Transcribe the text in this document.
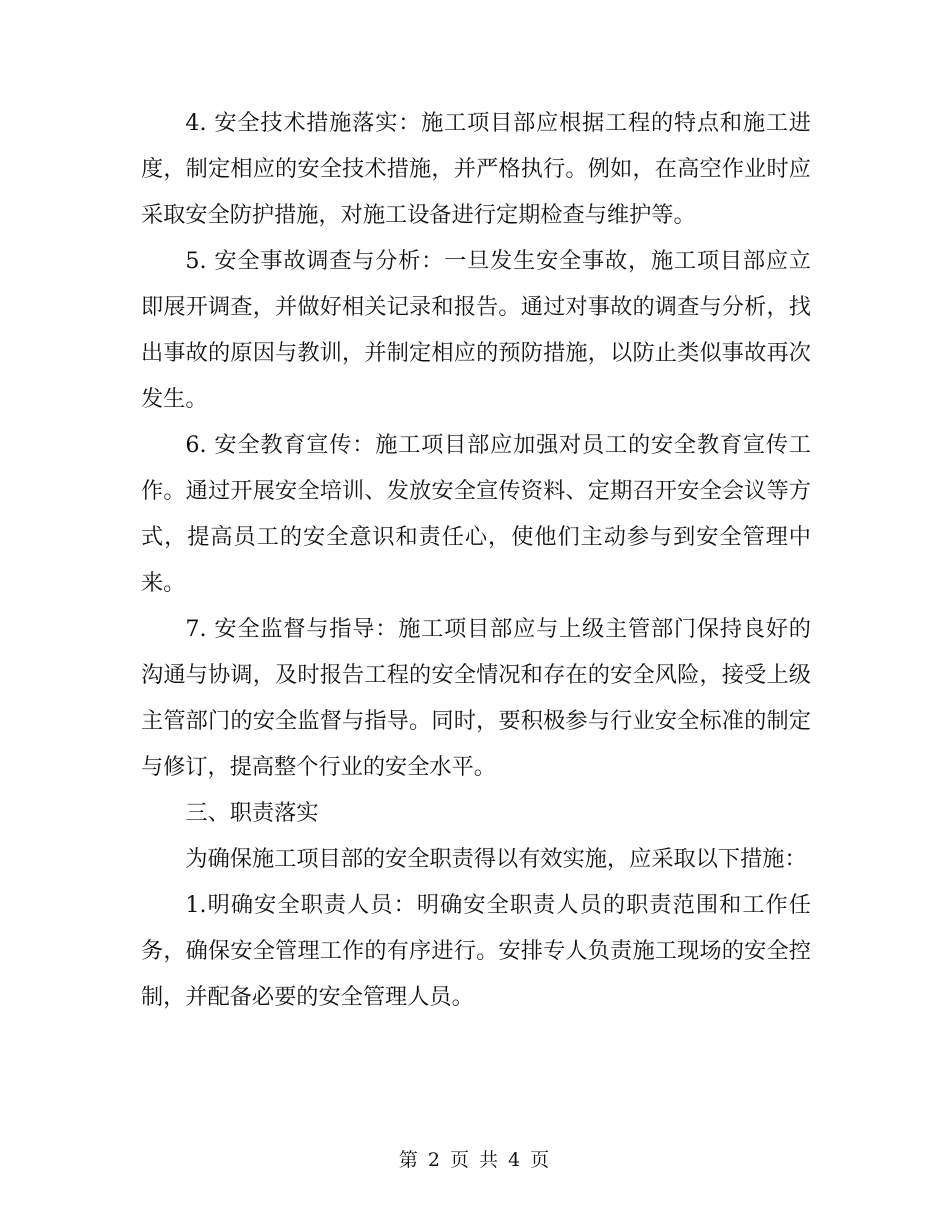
4. 安全技术措施落实：施工项目部应根据工程的特点和施工进度，制定相应的安全技术措施，并严格执行。例如，在高空作业时应采取安全防护措施，对施工设备进行定期检查与维护等。

5. 安全事故调查与分析：一旦发生安全事故，施工项目部应立即展开调查，并做好相关记录和报告。通过对事故的调查与分析，找出事故的原因与教训，并制定相应的预防措施，以防止类似事故再次发生。

6. 安全教育宣传：施工项目部应加强对员工的安全教育宣传工作。通过开展安全培训、发放安全宣传资料、定期召开安全会议等方式，提高员工的安全意识和责任心，使他们主动参与到安全管理中来。

7. 安全监督与指导：施工项目部应与上级主管部门保持良好的沟通与协调，及时报告工程的安全情况和存在的安全风险，接受上级主管部门的安全监督与指导。同时，要积极参与行业安全标准的制定与修订，提高整个行业的安全水平。

三、职责落实

为确保施工项目部的安全职责得以有效实施，应采取以下措施：

1.明确安全职责人员：明确安全职责人员的职责范围和工作任务，确保安全管理工作的有序进行。安排专人负责施工现场的安全控制，并配备必要的安全管理人员。

第 2 页 共 4 页
